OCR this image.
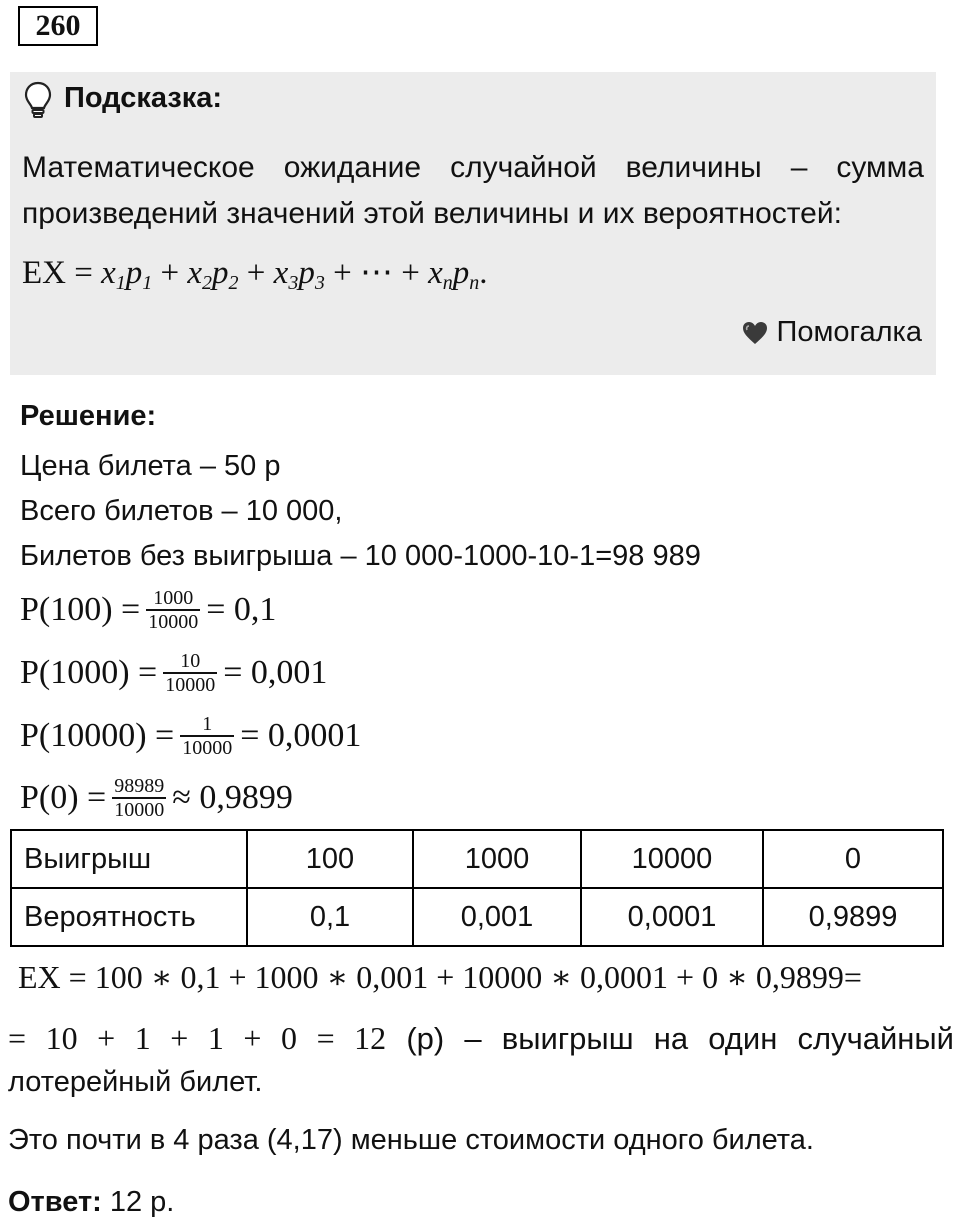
260
Подсказка:
Математическое ожидание случайной величины – сумма
произведений значений этой величины и их вероятностей:
EX = $x_1p_1 + x_2p_2 + x_3p_3$ + ⋯ + $x_np_n$.
Помогалка
Решение:
Цена билета – 50 р
Всего билетов – 10 000,
Билетов без выигрыша – 10 000-1000-10-1=98 989
$P(100) = \frac{1000}{10000} = 0,1$
$P(1000) = \frac{10}{10000} = 0,001$
$P(10000) = \frac{1}{10000} = 0,0001$
$P(0) = \frac{98989}{10000} \approx 0,9899$
Выигрыш	100	1000	10000	0
Вероятность	0,1	0,001	0,0001	0,9899
EX = 100 ∗ 0,1 + 1000 ∗ 0,001 + 10000 ∗ 0,0001 + 0 ∗ 0,9899=
= 10 + 1 + 1 + 0 = 12 (р) – выигрыш на один случайный
лотерейный билет.
Это почти в 4 раза (4,17) меньше стоимости одного билета.
Ответ: 12 р.
